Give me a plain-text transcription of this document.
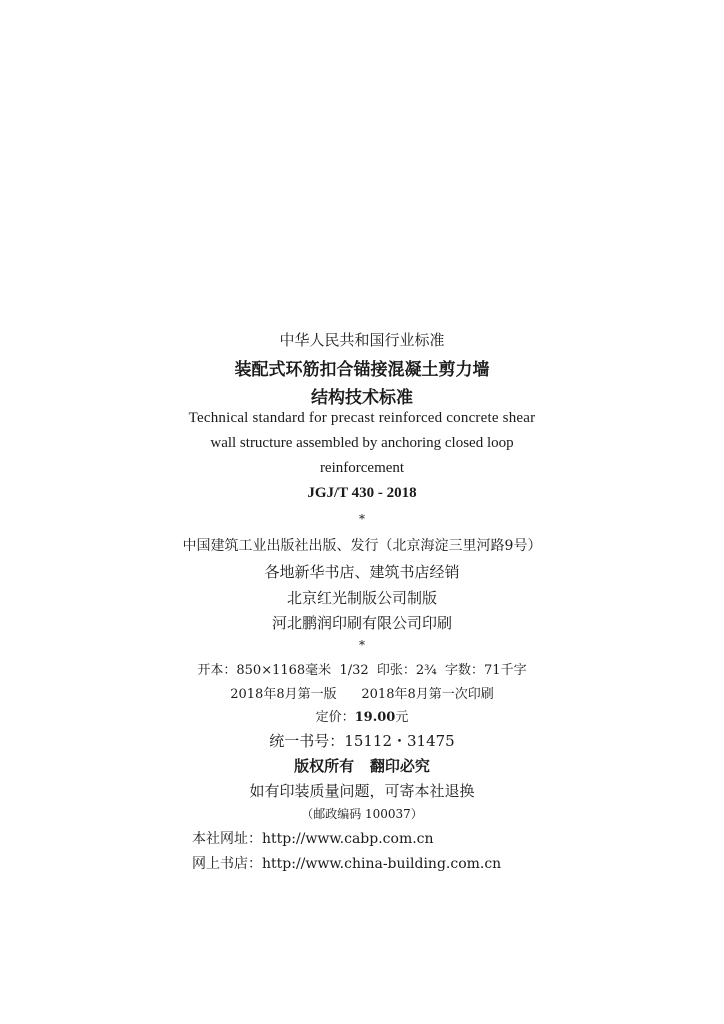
中华人民共和国行业标准
装配式环筋扣合锚接混凝土剪力墙
结构技术标准
Technical standard for precast reinforced concrete shear
wall structure assembled by anchoring closed loop
reinforcement
JGJ/T 430 - 2018
*
中国建筑工业出版社出版、发行（北京海淀三里河路9号）
各地新华书店、建筑书店经销
北京红光制版公司制版
河北鹏润印刷有限公司印刷
*
开本：850×1168毫米  1/32  印张：2¾  字数：71千字
2018年8月第一版      2018年8月第一次印刷
定价：19.00元
统一书号：15112・31475
版权所有   翻印必究
如有印装质量问题，可寄本社退换
（邮政编码 100037）
本社网址：http://www.cabp.com.cn
网上书店：http://www.china-building.com.cn
